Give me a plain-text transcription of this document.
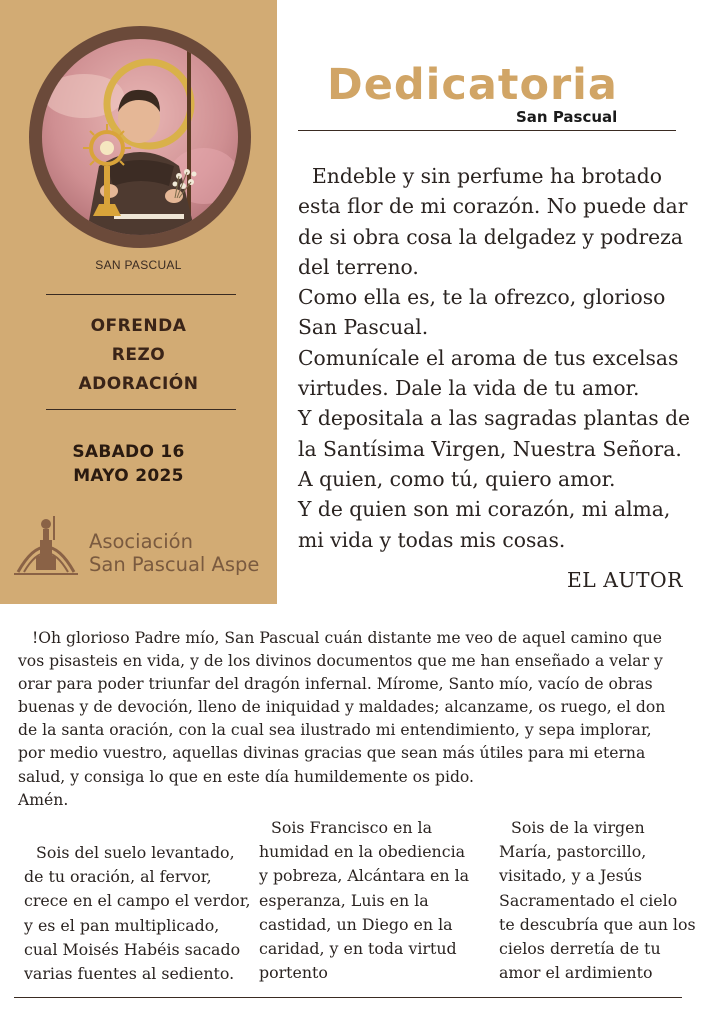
SAN PASCUAL
OFRENDA
REZO
ADORACIÓN
SABADO 16
MAYO 2025
Asociación
San Pascual Aspe
Dedicatoria
San Pascual
Endeble y sin perfume ha brotado
esta flor de mi corazón. No puede dar
de si obra cosa la delgadez y podreza
del terreno.
Como ella es, te la ofrezco, glorioso
San Pascual.
Comunícale el aroma de tus excelsas
virtudes. Dale la vida de tu amor.
Y depositala a las sagradas plantas de
la Santísima Virgen, Nuestra Señora.
A quien, como tú, quiero amor.
Y de quien son mi corazón, mi alma,
mi vida y todas mis cosas.
EL AUTOR
!Oh glorioso Padre mío, San Pascual cuán distante me veo de aquel camino que
vos pisasteis en vida, y de los divinos documentos que me han enseñado a velar y
orar para poder triunfar del dragón infernal. Mírome, Santo mío, vacío de obras
buenas y de devoción, lleno de iniquidad y maldades; alcanzame, os ruego, el don
de la santa oración, con la cual sea ilustrado mi entendimiento, y sepa implorar,
por medio vuestro, aquellas divinas gracias que sean más útiles para mi eterna
salud, y consiga lo que en este día humildemente os pido.
Amén.
Sois del suelo levantado,
de tu oración, al fervor,
crece en el campo el verdor,
y es el pan multiplicado,
cual Moisés Habéis sacado
varias fuentes al sediento.
Sois Francisco en la
humidad en la obediencia
y pobreza, Alcántara en la
esperanza, Luis en la
castidad, un Diego en la
caridad, y en toda virtud
portento
Sois de la virgen
María, pastorcillo,
visitado, y a Jesús
Sacramentado el cielo
te descubría que aun los
cielos derretía de tu
amor el ardimiento
